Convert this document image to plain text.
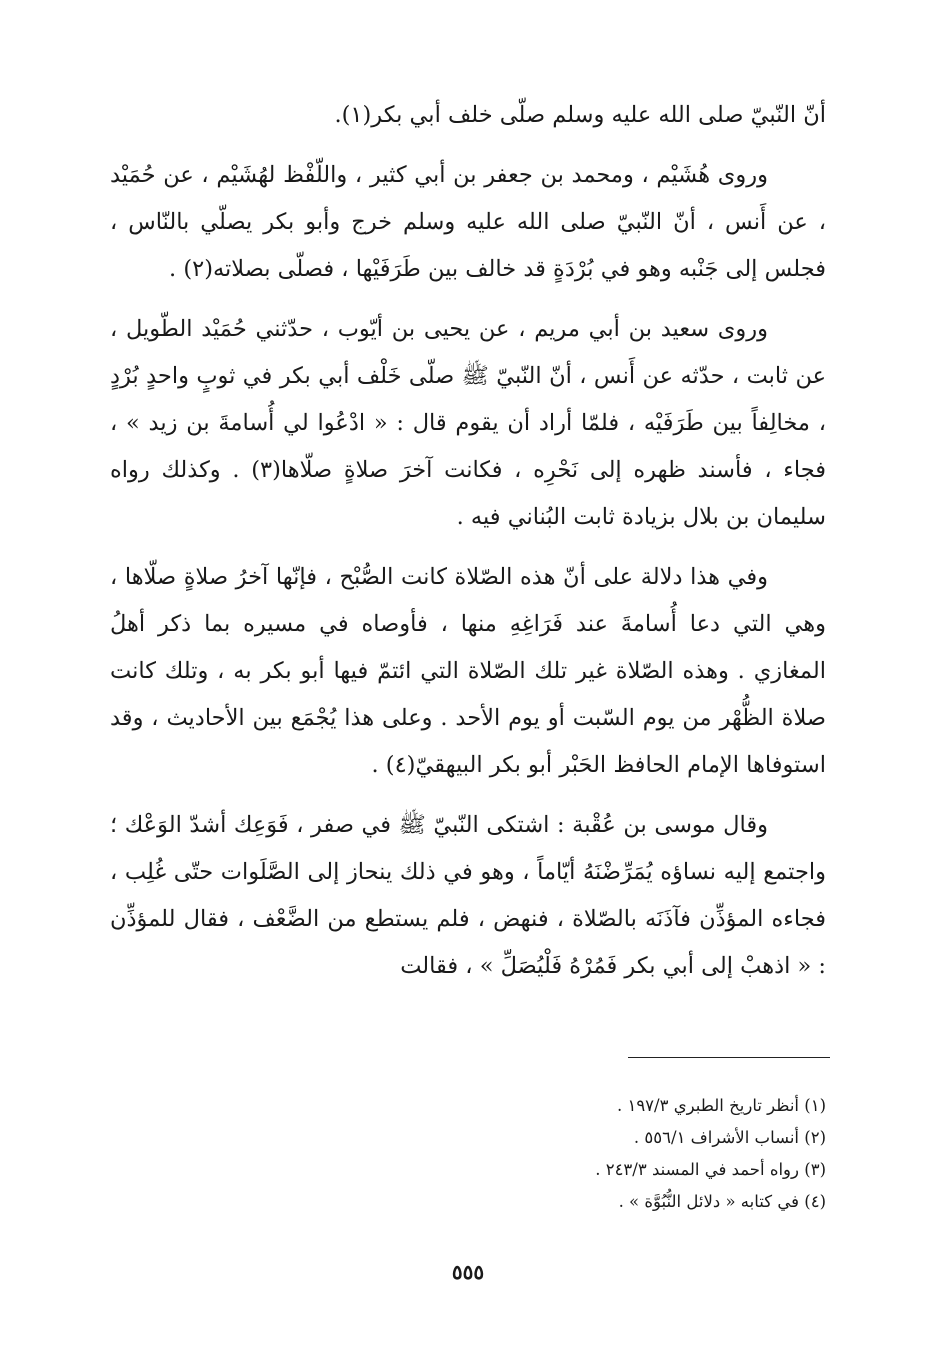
أنّ النّبيّ صلى الله عليه وسلم صلّى خلف أبي بكر(١).

وروى هُشَيْم ، ومحمد بن جعفر بن أبي كثير ، واللّفْظ لهُشَيْم ، عن حُمَيْد ، عن أَنس ، أنّ النّبيّ صلى الله عليه وسلم خرج وأبو بكر يصلّي بالنّاس ، فجلس إلى جَنْبه وهو في بُرْدَةٍ قد خالف بين طَرَفَيْها ، فصلّى بصلاته(٢) .

وروى سعيد بن أبي مريم ، عن يحيى بن أيّوب ، حدّثني حُمَيْد الطّويل ، عن ثابت ، حدّثه عن أَنس ، أنّ النّبيّ ﷺ صلّى خَلْف أبي بكر في ثوبٍ واحدٍ بُرْدٍ ، مخالِفاً بين طَرَفَيْه ، فلمّا أراد أن يقوم قال : « ادْعُوا لي أُسامةَ بن زيد » ، فجاء ، فأسند ظهره إلى نَحْرِه ، فكانت آخرَ صلاةٍ صلّاها(٣) . وكذلك رواه سليمان بن بلال بزيادة ثابت البُناني فيه .

وفي هذا دلالة على أنّ هذه الصّلاة كانت الصُّبْح ، فإنّها آخرُ صلاةٍ صلّاها ، وهي التي دعا أُسامةَ عند فَرَاغِهِ منها ، فأوصاه في مسيره بما ذكر أهلُ المغازي . وهذه الصّلاة غير تلك الصّلاة التي ائتمّ فيها أبو بكر به ، وتلك كانت صلاة الظُّهْر من يوم السّبت أو يوم الأحد . وعلى هذا يُجْمَع بين الأحاديث ، وقد استوفاها الإمام الحافظ الحَبْر أبو بكر البيهقيّ(٤) .

وقال موسى بن عُقْبة : اشتكى النّبيّ ﷺ في صفر ، فَوَعِك أشدّ الوَعْك ؛ واجتمع إليه نساؤه يُمَرِّضْنَهُ أيّاماً ، وهو في ذلك ينحاز إلى الصَّلَوات حتّى غُلِب ، فجاءه المؤذِّن فآذَنَه بالصّلاة ، فنهض ، فلم يستطع من الضَّعْف ، فقال للمؤذِّن : « اذهبْ إلى أبي بكر فَمُرْهُ فَلْيُصَلِّ » ، فقالت

(١) أنظر تاريخ الطبري ١٩٧/٣ .

(٢) أنساب الأشراف ٥٥٦/١ .

(٣) رواه أحمد في المسند ٢٤٣/٣ .

(٤) في كتابه « دلائل النُّبُوَّة » .

٥٥٥
